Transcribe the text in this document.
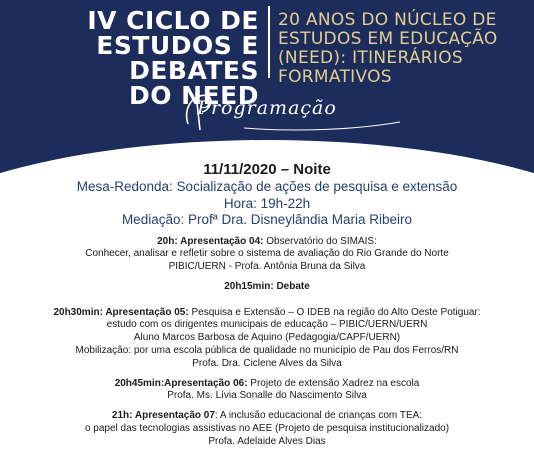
IV CICLO DE
ESTUDOS E DEBATES
DO NEED
20 ANOS DO NÚCLEO DE
ESTUDOS EM EDUCAÇÃO
(NEED): ITINERÁRIOS
FORMATIVOS
Programação
11/11/2020 – Noite
Mesa-Redonda: Socialização de ações de pesquisa e extensão
Hora: 19h-22h
Mediação: Profª Dra. Disneylândia Maria Ribeiro
20h: Apresentação 04: Observatório do SIMAIS:
Conhecer, analisar e refletir sobre o sistema de avaliação do Rio Grande do Norte
PIBIC/UERN - Profa. Antônia Bruna da Silva
20h15min: Debate
20h30min: Apresentação 05: Pesquisa e Extensão – O IDEB na região do Alto Oeste Potiguar:
estudo com os dirigentes municipais de educação – PIBIC/UERN/UERN
Aluno Marcos Barbosa de Aquino (Pedagogia/CAPF/UERN)
Mobilização: por uma escola pública de qualidade no município de Pau dos Ferros/RN
Profa. Dra. Ciclene Alves da Silva
20h45min:Apresentação 06: Projeto de extensão Xadrez na escola
Profa. Ms. Lívia Sonalle do Nascimento Silva
21h: Apresentação 07: A inclusão educacional de crianças com TEA:
o papel das tecnologias assistivas no AEE (Projeto de pesquisa institucionalizado)
Profa. Adelaide Alves Dias
